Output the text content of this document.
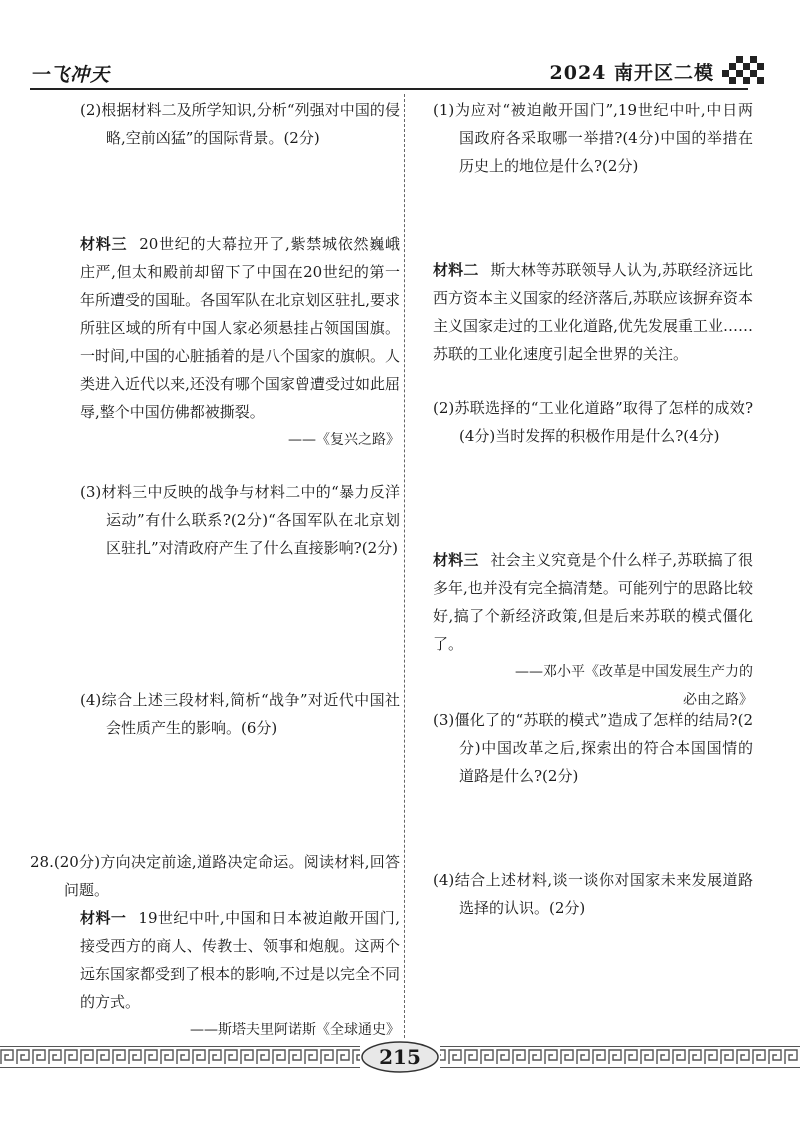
一飞冲天	2024 南开区二模

(2)根据材料二及所学知识,分析“列强对中国的侵略,空前凶猛”的国际背景。(2分)

材料三 20世纪的大幕拉开了,紫禁城依然巍峨庄严,但太和殿前却留下了中国在20世纪的第一年所遭受的国耻。各国军队在北京划区驻扎,要求所驻区域的所有中国人家必须悬挂占领国国旗。一时间,中国的心脏插着的是八个国家的旗帜。人类进入近代以来,还没有哪个国家曾遭受过如此屈辱,整个中国仿佛都被撕裂。

——《复兴之路》

(3)材料三中反映的战争与材料二中的“暴力反洋运动”有什么联系?(2分)“各国军队在北京划区驻扎”对清政府产生了什么直接影响?(2分)

(4)综合上述三段材料,简析“战争”对近代中国社会性质产生的影响。(6分)

28.(20分)方向决定前途,道路决定命运。阅读材料,回答问题。

材料一 19世纪中叶,中国和日本被迫敞开国门,接受西方的商人、传教士、领事和炮舰。这两个远东国家都受到了根本的影响,不过是以完全不同的方式。

——斯塔夫里阿诺斯《全球通史》

(1)为应对“被迫敞开国门”,19世纪中叶,中日两国政府各采取哪一举措?(4分)中国的举措在历史上的地位是什么?(2分)

材料二 斯大林等苏联领导人认为,苏联经济远比西方资本主义国家的经济落后,苏联应该摒弃资本主义国家走过的工业化道路,优先发展重工业……苏联的工业化速度引起全世界的关注。

(2)苏联选择的“工业化道路”取得了怎样的成效?(4分)当时发挥的积极作用是什么?(4分)

材料三 社会主义究竟是个什么样子,苏联搞了很多年,也并没有完全搞清楚。可能列宁的思路比较好,搞了个新经济政策,但是后来苏联的模式僵化了。

——邓小平《改革是中国发展生产力的

必由之路》

(3)僵化了的“苏联的模式”造成了怎样的结局?(2分)中国改革之后,探索出的符合本国国情的道路是什么?(2分)

(4)结合上述材料,谈一谈你对国家未来发展道路选择的认识。(2分)

215
